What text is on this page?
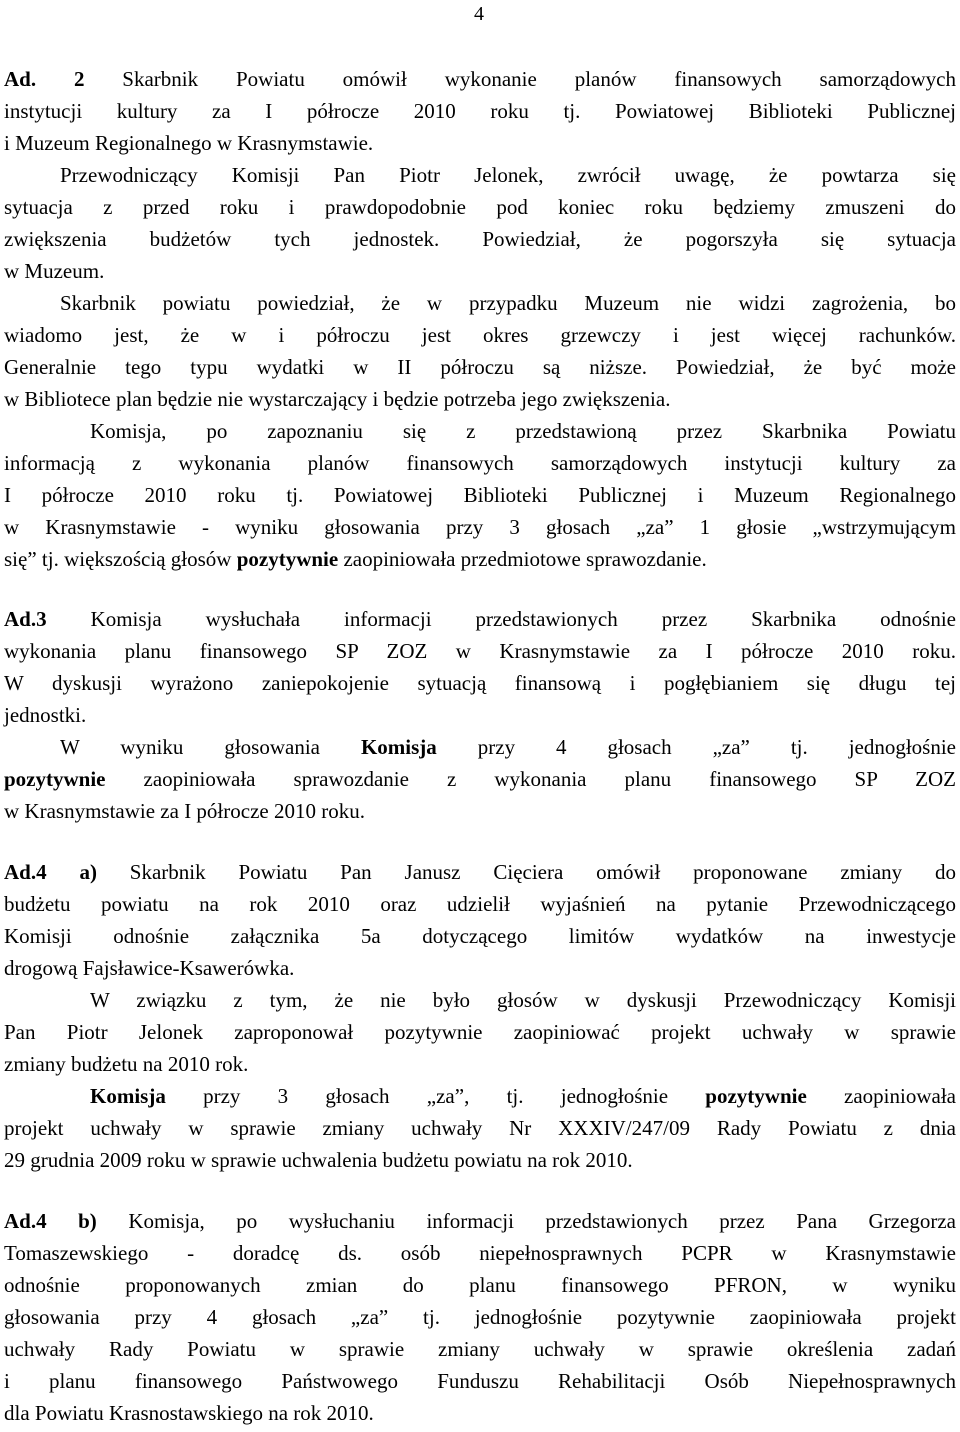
4
Ad. 2 Skarbnik Powiatu omówił wykonanie planów finansowych samorządowych
instytucji kultury za I półrocze 2010 roku tj. Powiatowej Biblioteki Publicznej
i Muzeum Regionalnego w Krasnymstawie.
Przewodniczący Komisji Pan Piotr Jelonek, zwrócił uwagę, że powtarza się
sytuacja z przed roku i prawdopodobnie pod koniec roku będziemy zmuszeni do
zwiększenia budżetów tych jednostek. Powiedział, że pogorszyła się sytuacja
w Muzeum.
Skarbnik powiatu powiedział, że w przypadku Muzeum nie widzi zagrożenia, bo
wiadomo jest, że w i półroczu jest okres grzewczy i jest więcej rachunków.
Generalnie tego typu wydatki w II półroczu są niższe. Powiedział, że być może
w Bibliotece plan będzie nie wystarczający i będzie potrzeba jego zwiększenia.
Komisja, po zapoznaniu się z przedstawioną przez Skarbnika Powiatu
informacją z wykonania planów finansowych samorządowych instytucji kultury za
I półrocze 2010 roku tj. Powiatowej Biblioteki Publicznej i Muzeum Regionalnego
w Krasnymstawie - wyniku głosowania przy 3 głosach „za” 1 głosie „wstrzymującym
się” tj. większością głosów pozytywnie zaopiniowała przedmiotowe sprawozdanie.
Ad.3 Komisja wysłuchała informacji przedstawionych przez Skarbnika odnośnie
wykonania planu finansowego SP ZOZ w Krasnymstawie za I półrocze 2010 roku.
W dyskusji wyrażono zaniepokojenie sytuacją finansową i pogłębianiem się długu tej
jednostki.
W wyniku głosowania Komisja przy 4 głosach „za” tj. jednogłośnie
pozytywnie zaopiniowała sprawozdanie z wykonania planu finansowego SP ZOZ
w Krasnymstawie za I półrocze 2010 roku.
Ad.4 a) Skarbnik Powiatu Pan Janusz Cięciera omówił proponowane zmiany do
budżetu powiatu na rok 2010 oraz udzielił wyjaśnień na pytanie Przewodniczącego
Komisji odnośnie załącznika 5a dotyczącego limitów wydatków na inwestycje
drogową Fajsławice-Ksawerówka.
W związku z tym, że nie było głosów w dyskusji Przewodniczący Komisji
Pan Piotr Jelonek zaproponował pozytywnie zaopiniować projekt uchwały w sprawie
zmiany budżetu na 2010 rok.
Komisja przy 3 głosach „za”, tj. jednogłośnie pozytywnie zaopiniowała
projekt uchwały w sprawie zmiany uchwały Nr XXXIV/247/09 Rady Powiatu z dnia
29 grudnia 2009 roku w sprawie uchwalenia budżetu powiatu na rok 2010.
Ad.4 b) Komisja, po wysłuchaniu informacji przedstawionych przez Pana Grzegorza
Tomaszewskiego - doradcę ds. osób niepełnosprawnych PCPR w Krasnymstawie
odnośnie proponowanych zmian do planu finansowego PFRON, w wyniku
głosowania przy 4 głosach „za” tj. jednogłośnie pozytywnie zaopiniowała projekt
uchwały Rady Powiatu w sprawie zmiany uchwały w sprawie określenia zadań
i planu finansowego Państwowego Funduszu Rehabilitacji Osób Niepełnosprawnych
dla Powiatu Krasnostawskiego na rok 2010.
